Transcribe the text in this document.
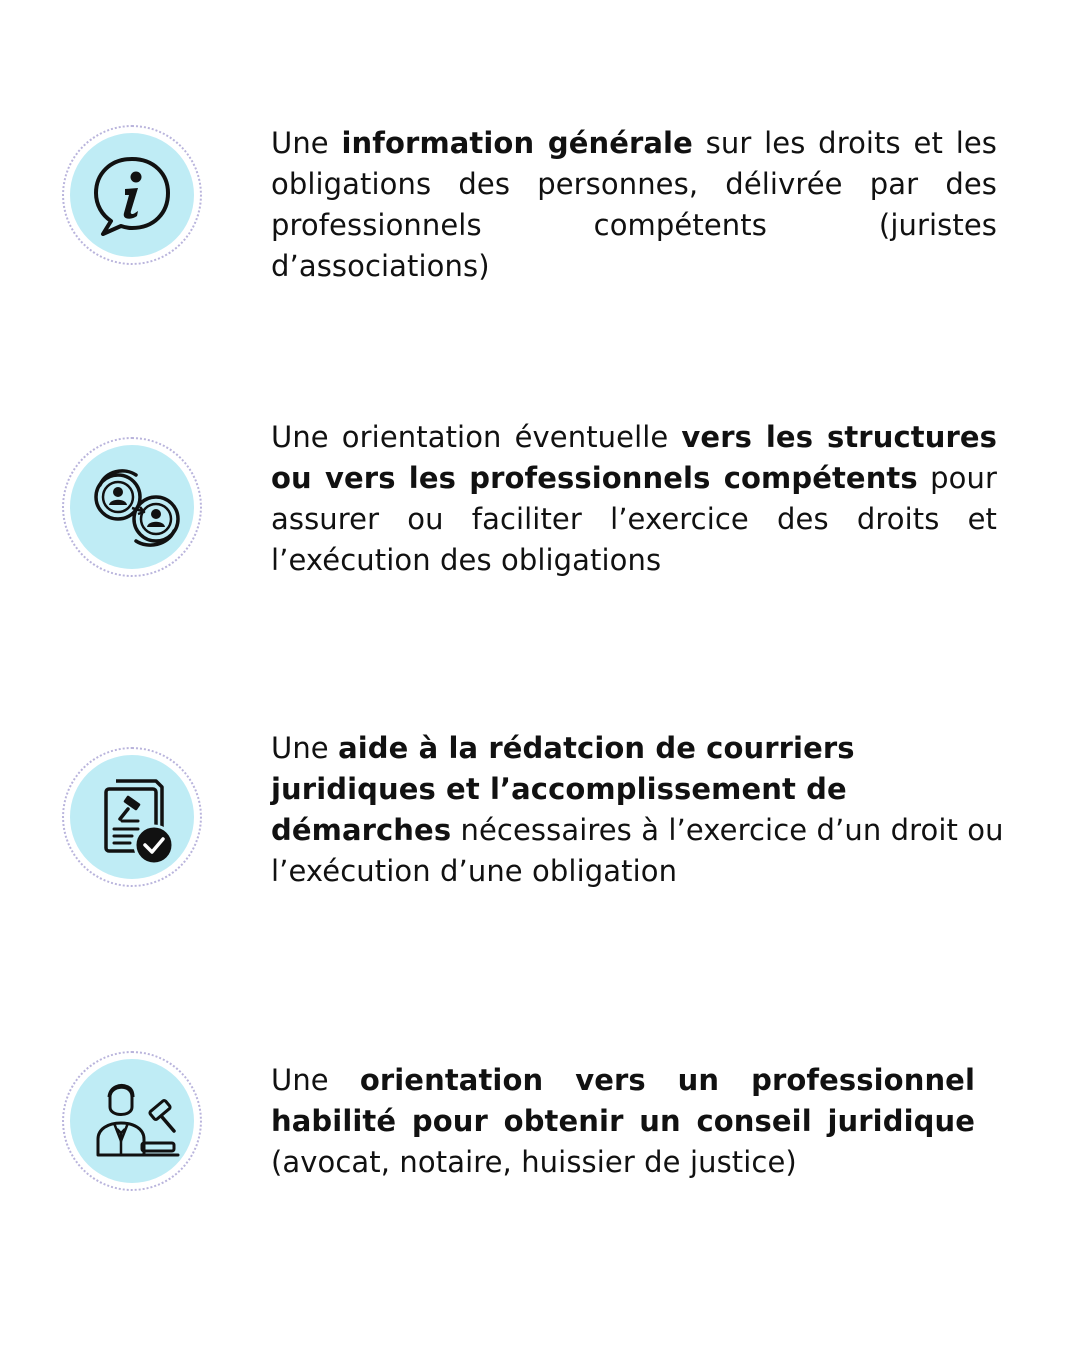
Une information générale sur les droits et les obligations des personnes, délivrée par des professionnels compétents (juristes d’associations)
Une orientation éventuelle vers les structures ou vers les professionnels compétents pour assurer ou faciliter l’exercice des droits et l’exécution des obligations
Une aide à la rédatcion de courriers juridiques et l’accomplissement de démarches nécessaires à l’exercice d’un droit ou l’exécution d’une obligation
Une orientation vers un professionnel habilité pour obtenir un conseil juridique (avocat, notaire, huissier de justice)
